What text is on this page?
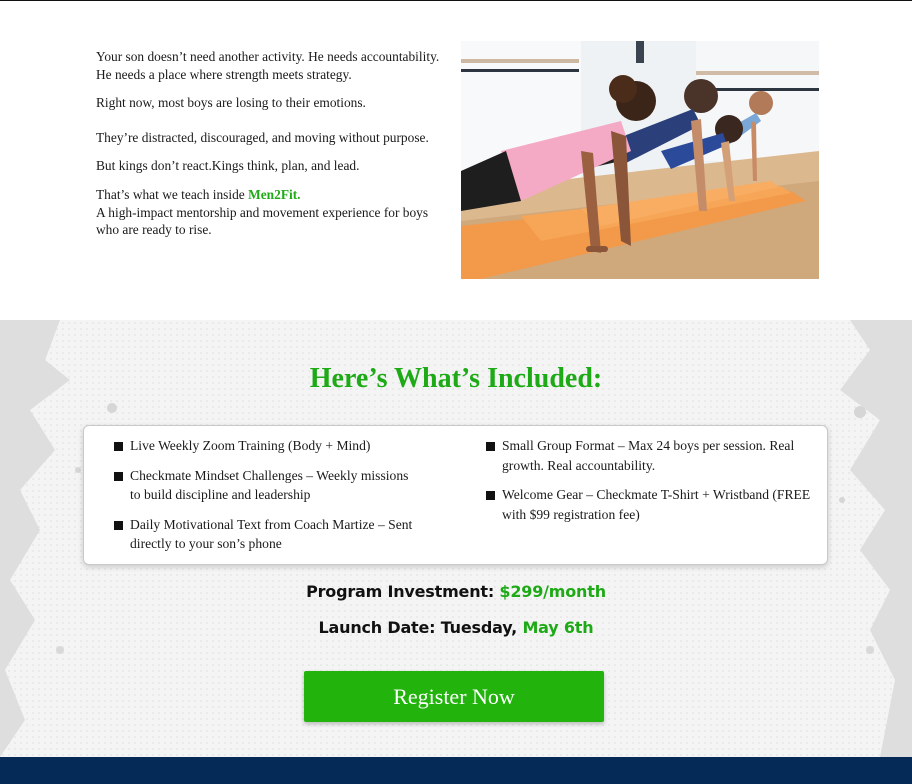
Your son doesn’t need another activity. He needs accountability.
He needs a place where strength meets strategy.

Right now, most boys are losing to their emotions.

They’re distracted, discouraged, and moving without purpose.

But kings don’t react.Kings think, plan, and lead.

That’s what we teach inside Men2Fit.
A high-impact mentorship and movement experience for boys who are ready to rise.

Here’s What’s Included:
Live Weekly Zoom Training (Body + Mind)
Checkmate Mindset Challenges – Weekly missions to build discipline and leadership
Daily Motivational Text from Coach Martize – Sent directly to your son’s phone
Small Group Format – Max 24 boys per session. Real growth. Real accountability.
Welcome Gear – Checkmate T-Shirt + Wristband (FREE with $99 registration fee)
Program Investment: $299/month
Launch Date: Tuesday, May 6th
Register Now
